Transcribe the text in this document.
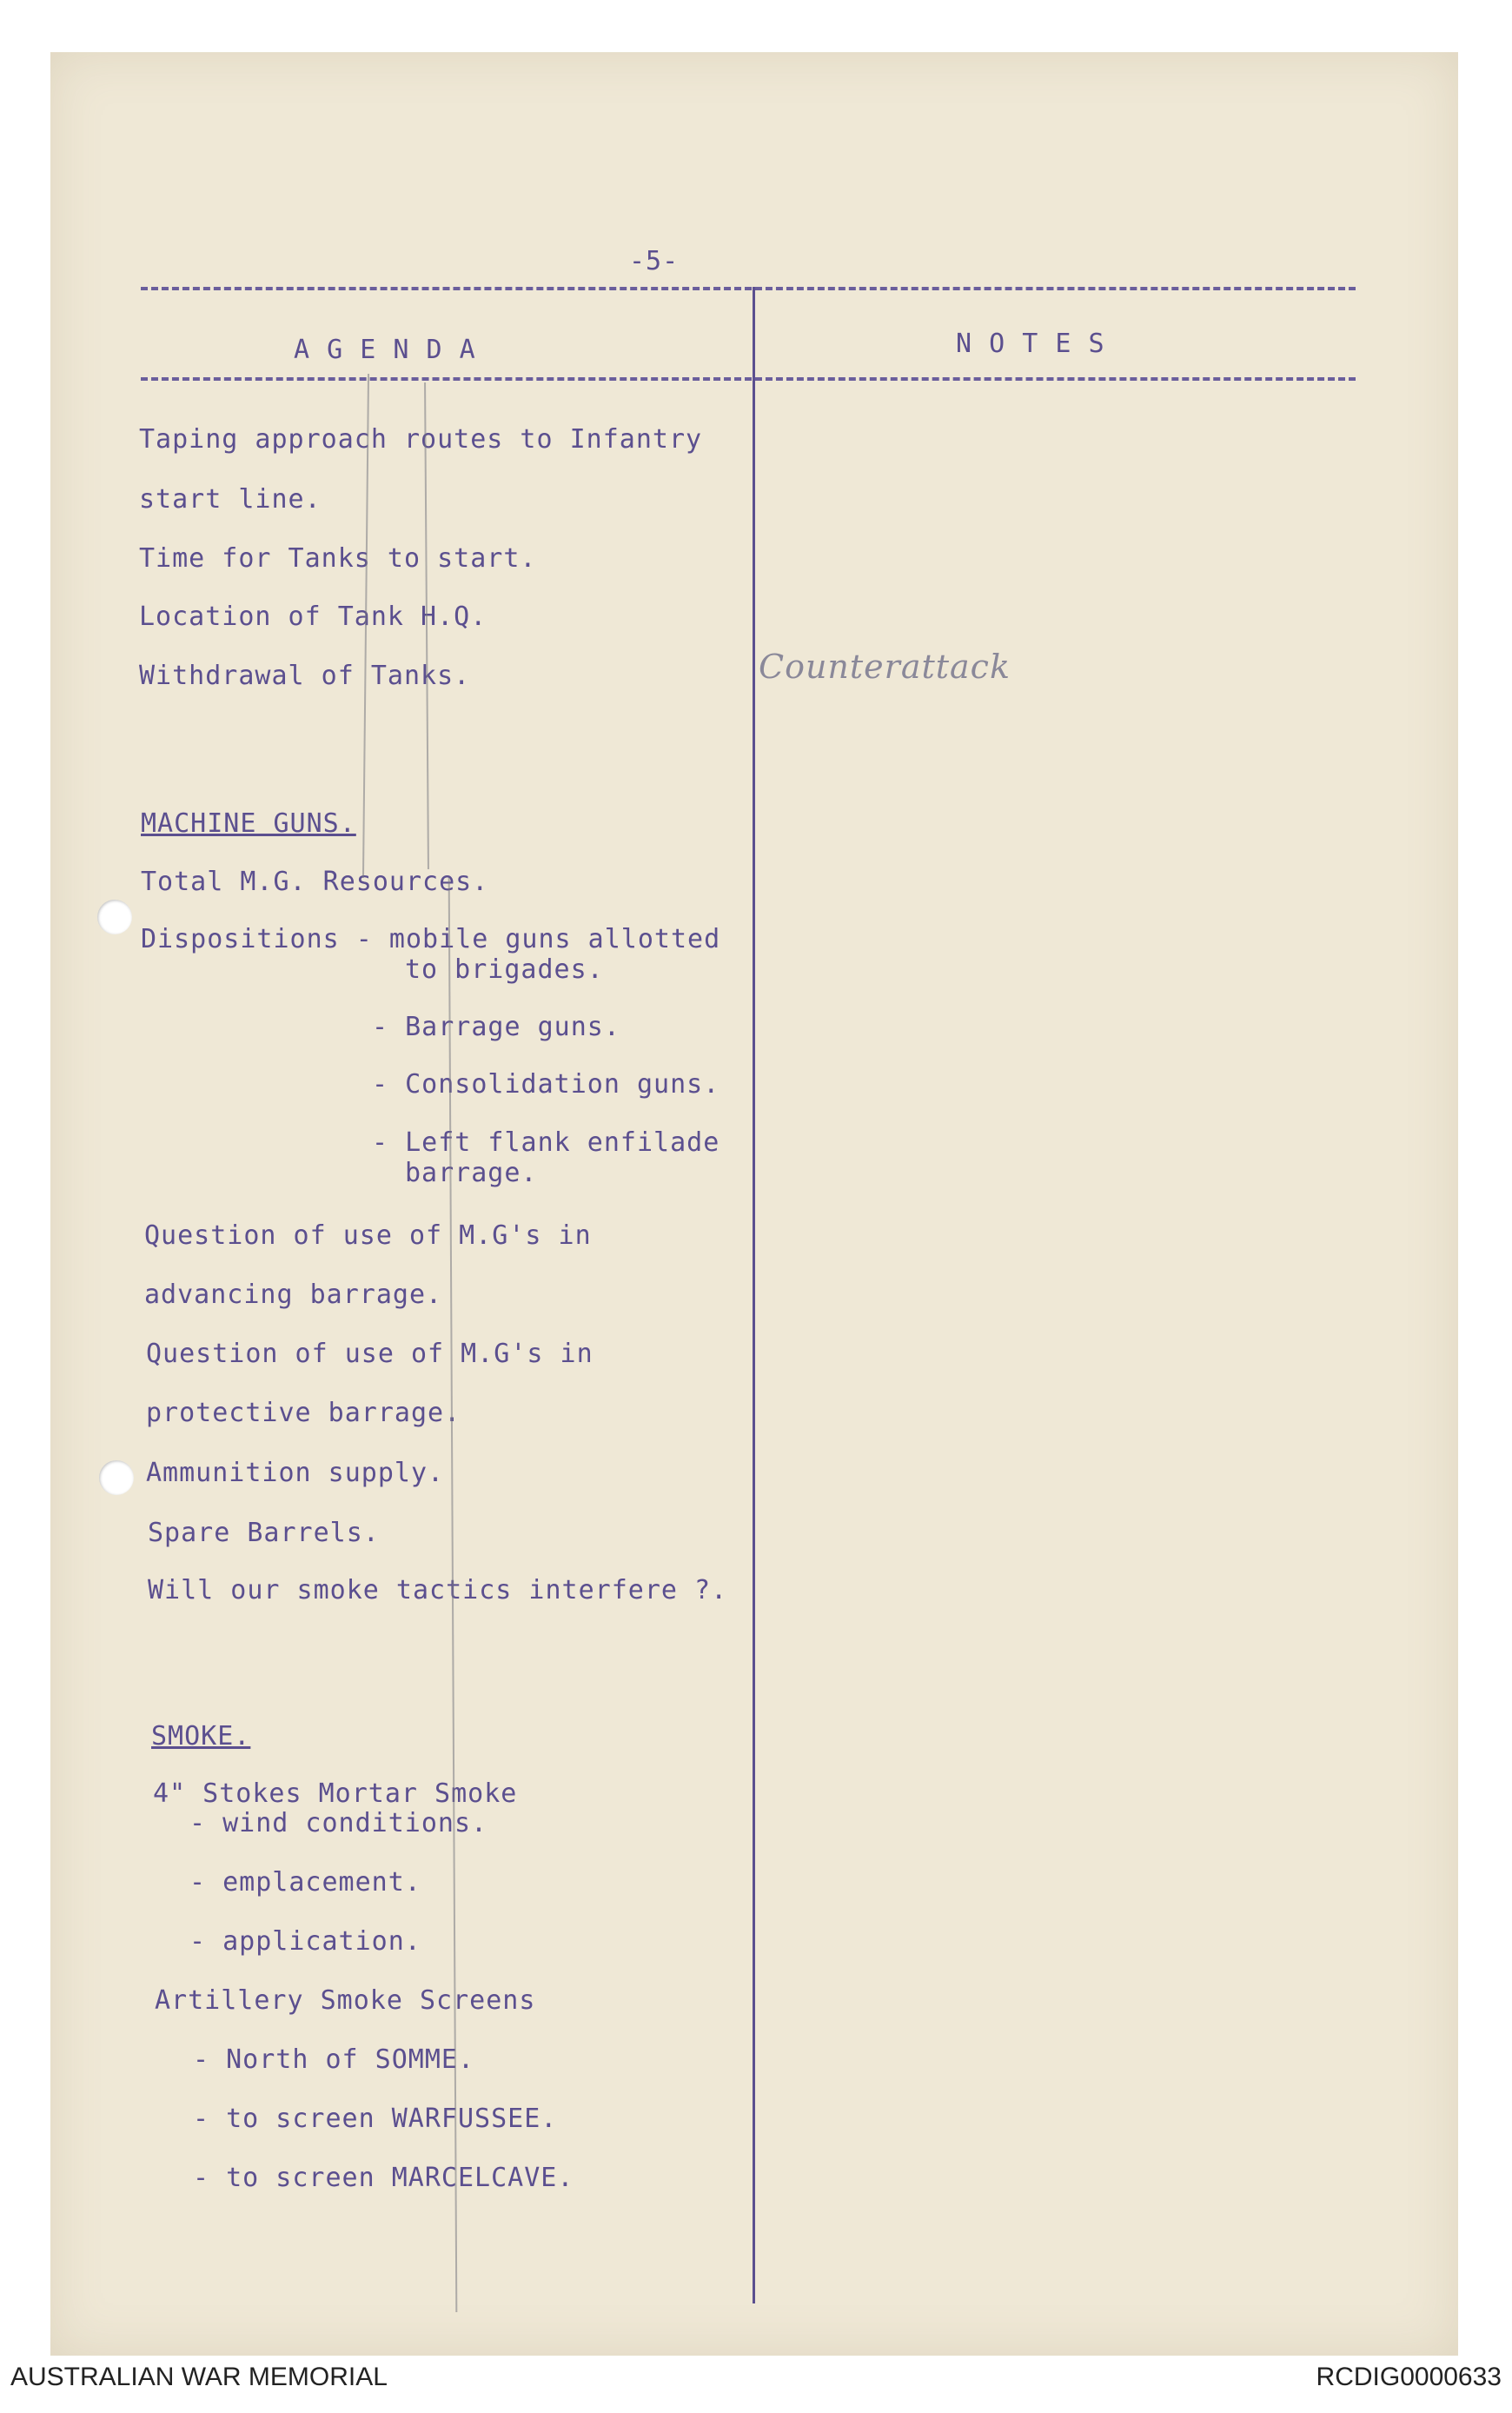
-5-
A G E N D A	N O T E S
Taping approach routes to Infantry
start line.
Time for Tanks to start.
Location of Tank H.Q.
Withdrawal of Tanks.	Counterattack
MACHINE GUNS.
Total M.G. Resources.
Dispositions - mobile guns allotted
to brigades.
- Barrage guns.
- Consolidation guns.
- Left flank enfilade
barrage.
Question of use of M.G's in
advancing barrage.
Question of use of M.G's in
protective barrage.
Ammunition supply.
Spare Barrels.
Will our smoke tactics interfere ?.
SMOKE.
4" Stokes Mortar Smoke
- wind conditions.
- emplacement.
- application.
Artillery Smoke Screens
- North of SOMME.
- to screen WARFUSSEE.
- to screen MARCELCAVE.
AUSTRALIAN WAR MEMORIAL	RCDIG0000633
